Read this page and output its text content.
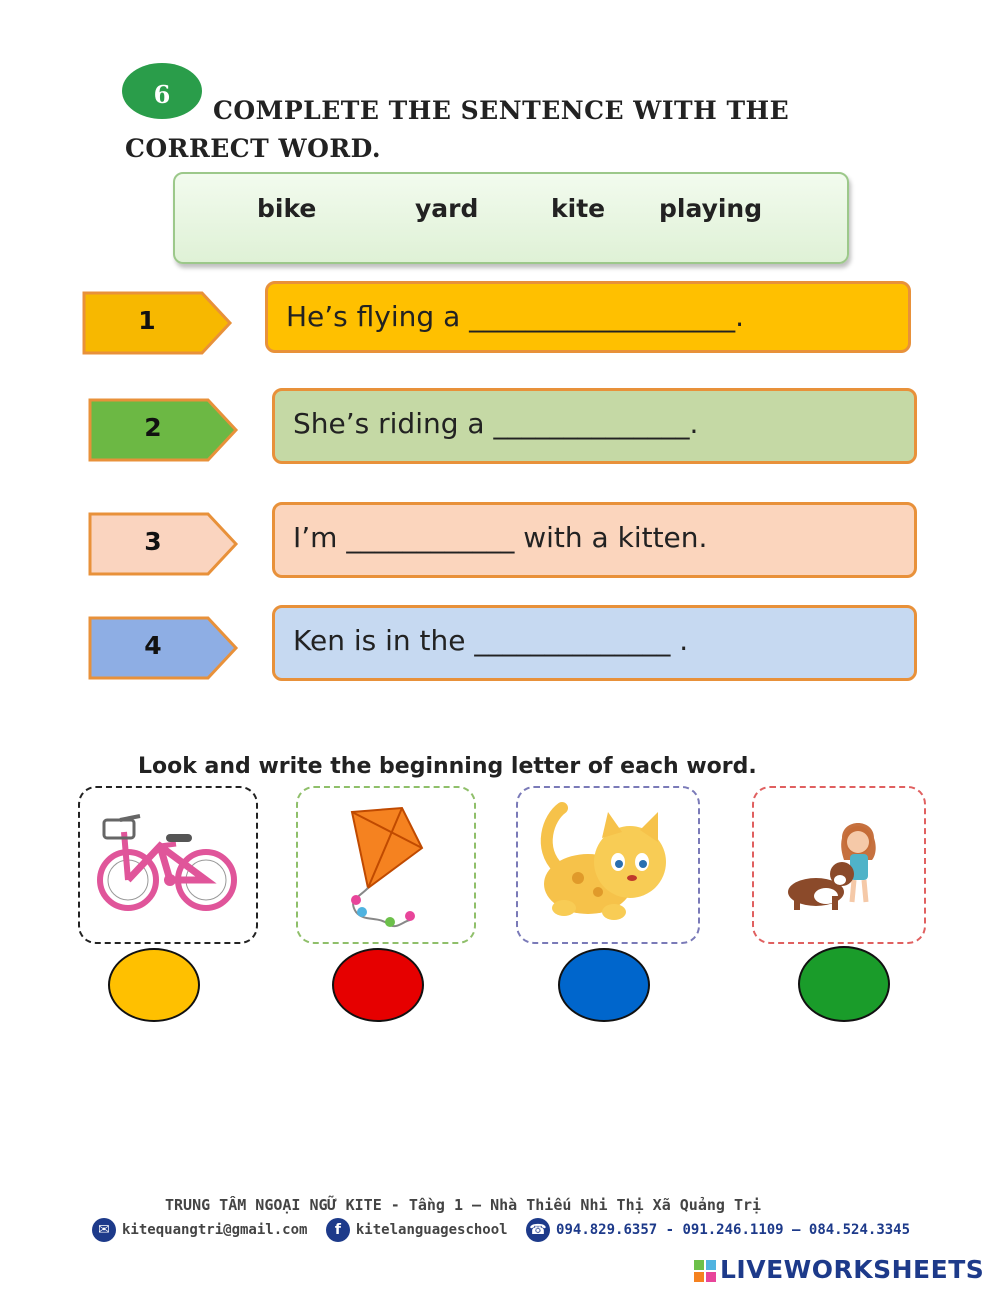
6
COMPLETE THE SENTENCE WITH THE CORRECT WORD.
bike	yard	kite playing
1	He’s flying a ___________________.
2	She’s riding a ______________.
3	I’m ____________ with a kitten.
4	Ken is in the ______________ .
Look and write the beginning letter of each word.
TRUNG TÂM NGOẠI NGỮ KITE - Tầng 1 – Nhà Thiếu Nhi Thị Xã Quảng Trị
✉ kitequangtri@gmail.com f kitelanguageschool ☎ 094.829.6357 - 091.246.1109 – 084.524.3345
LIVEWORKSHEETS
